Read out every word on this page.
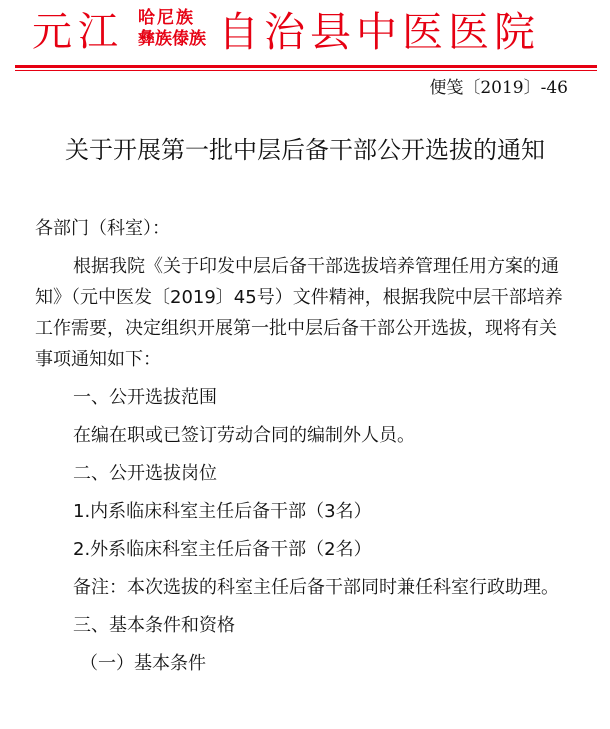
元江 哈尼族
彝族傣族 自治县中医医院
便笺〔2019〕-46
关于开展第一批中层后备干部公开选拔的通知

各部门（科室）：

根据我院《关于印发中层后备干部选拔培养管理任用方案的通知》（元中医发〔2019〕45号）文件精神，根据我院中层干部培养工作需要，决定组织开展第一批中层后备干部公开选拔，现将有关事项通知如下：

一、公开选拔范围

在编在职或已签订劳动合同的编制外人员。

二、公开选拔岗位

1.内系临床科室主任后备干部（3名）

2.外系临床科室主任后备干部（2名）

备注：本次选拔的科室主任后备干部同时兼任科室行政助理。

三、基本条件和资格

（一）基本条件
